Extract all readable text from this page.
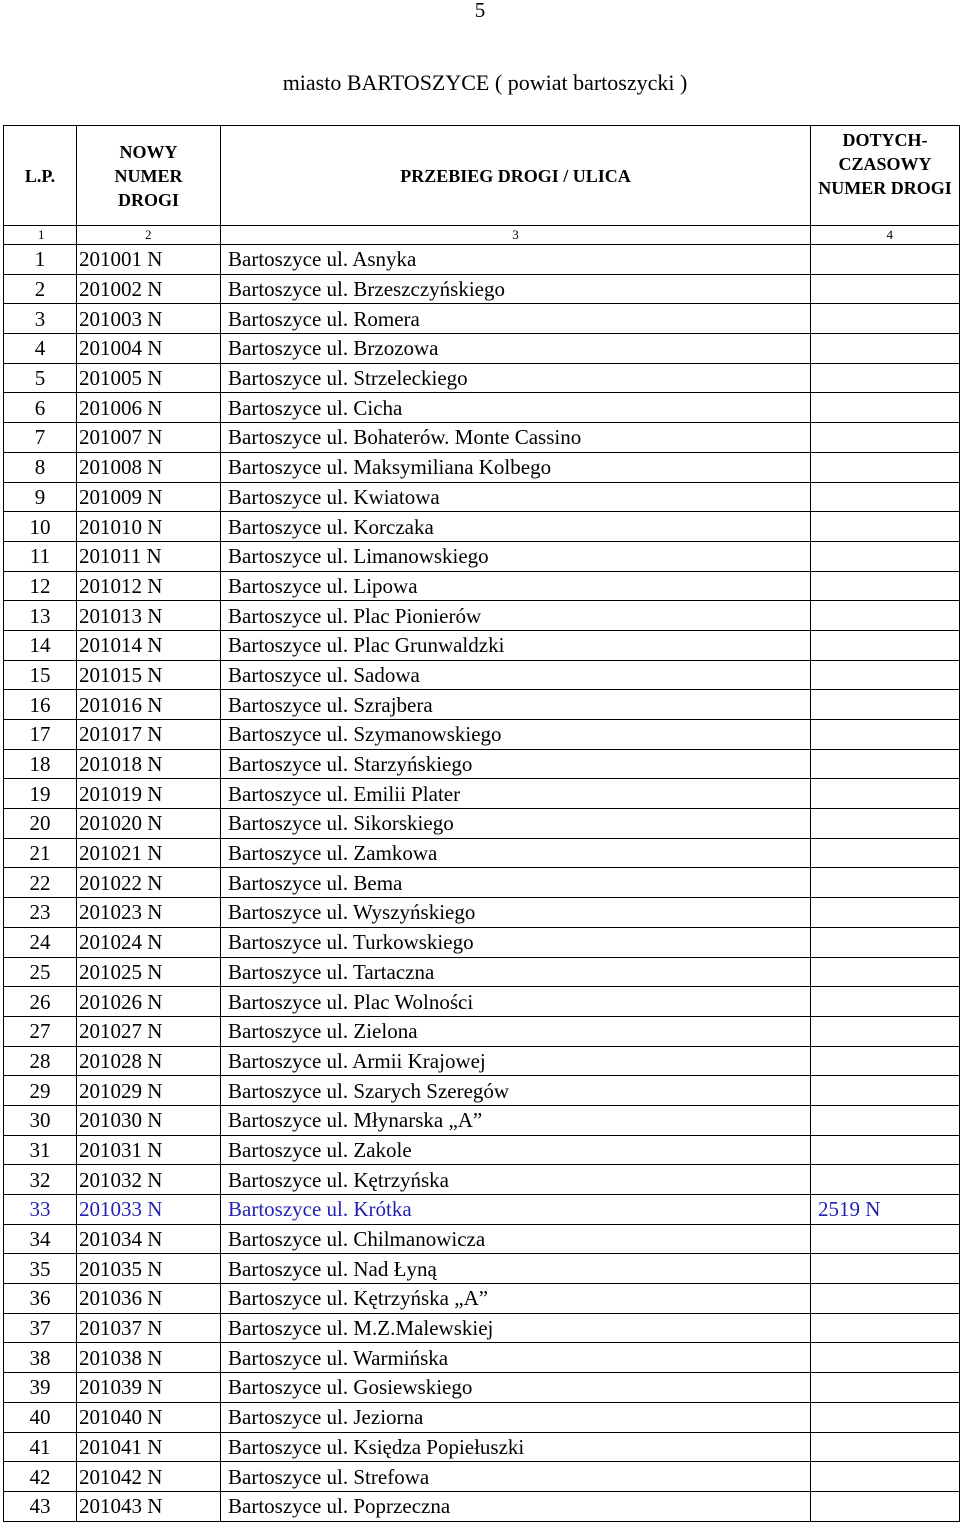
5
miasto BARTOSZYCE ( powiat bartoszycki )
L.P.	NOWY NUMER DROGI	PRZEBIEG DROGI / ULICA	DOTYCH-CZASOWY NUMER DROGI
1	2	3	4
1	201001 N	Bartoszyce ul. Asnyka	
2	201002 N	Bartoszyce ul. Brzeszczyńskiego	
3	201003 N	Bartoszyce ul. Romera	
4	201004 N	Bartoszyce ul. Brzozowa	
5	201005 N	Bartoszyce ul. Strzeleckiego	
6	201006 N	Bartoszyce ul. Cicha	
7	201007 N	Bartoszyce ul. Bohaterów. Monte Cassino	
8	201008 N	Bartoszyce ul. Maksymiliana Kolbego	
9	201009 N	Bartoszyce ul. Kwiatowa	
10	201010 N	Bartoszyce ul. Korczaka	
11	201011 N	Bartoszyce ul. Limanowskiego	
12	201012 N	Bartoszyce ul. Lipowa	
13	201013 N	Bartoszyce ul. Plac Pionierów	
14	201014 N	Bartoszyce ul. Plac Grunwaldzki	
15	201015 N	Bartoszyce ul. Sadowa	
16	201016 N	Bartoszyce ul. Szrajbera	
17	201017 N	Bartoszyce ul. Szymanowskiego	
18	201018 N	Bartoszyce ul. Starzyńskiego	
19	201019 N	Bartoszyce ul. Emilii Plater	
20	201020 N	Bartoszyce ul. Sikorskiego	
21	201021 N	Bartoszyce ul. Zamkowa	
22	201022 N	Bartoszyce ul. Bema	
23	201023 N	Bartoszyce ul. Wyszyńskiego	
24	201024 N	Bartoszyce ul. Turkowskiego	
25	201025 N	Bartoszyce ul. Tartaczna	
26	201026 N	Bartoszyce ul. Plac Wolności	
27	201027 N	Bartoszyce ul. Zielona	
28	201028 N	Bartoszyce ul. Armii Krajowej	
29	201029 N	Bartoszyce ul. Szarych Szeregów	
30	201030 N	Bartoszyce ul. Młynarska „A”	
31	201031 N	Bartoszyce ul. Zakole	
32	201032 N	Bartoszyce ul. Kętrzyńska	
33	201033 N	Bartoszyce ul. Krótka	2519 N
34	201034 N	Bartoszyce ul. Chilmanowicza	
35	201035 N	Bartoszyce ul. Nad Łyną	
36	201036 N	Bartoszyce ul. Kętrzyńska „A”	
37	201037 N	Bartoszyce ul. M.Z.Malewskiej	
38	201038 N	Bartoszyce ul. Warmińska	
39	201039 N	Bartoszyce ul. Gosiewskiego	
40	201040 N	Bartoszyce ul. Jeziorna	
41	201041 N	Bartoszyce ul. Księdza Popiełuszki	
42	201042 N	Bartoszyce ul. Strefowa	
43	201043 N	Bartoszyce ul. Poprzeczna	
